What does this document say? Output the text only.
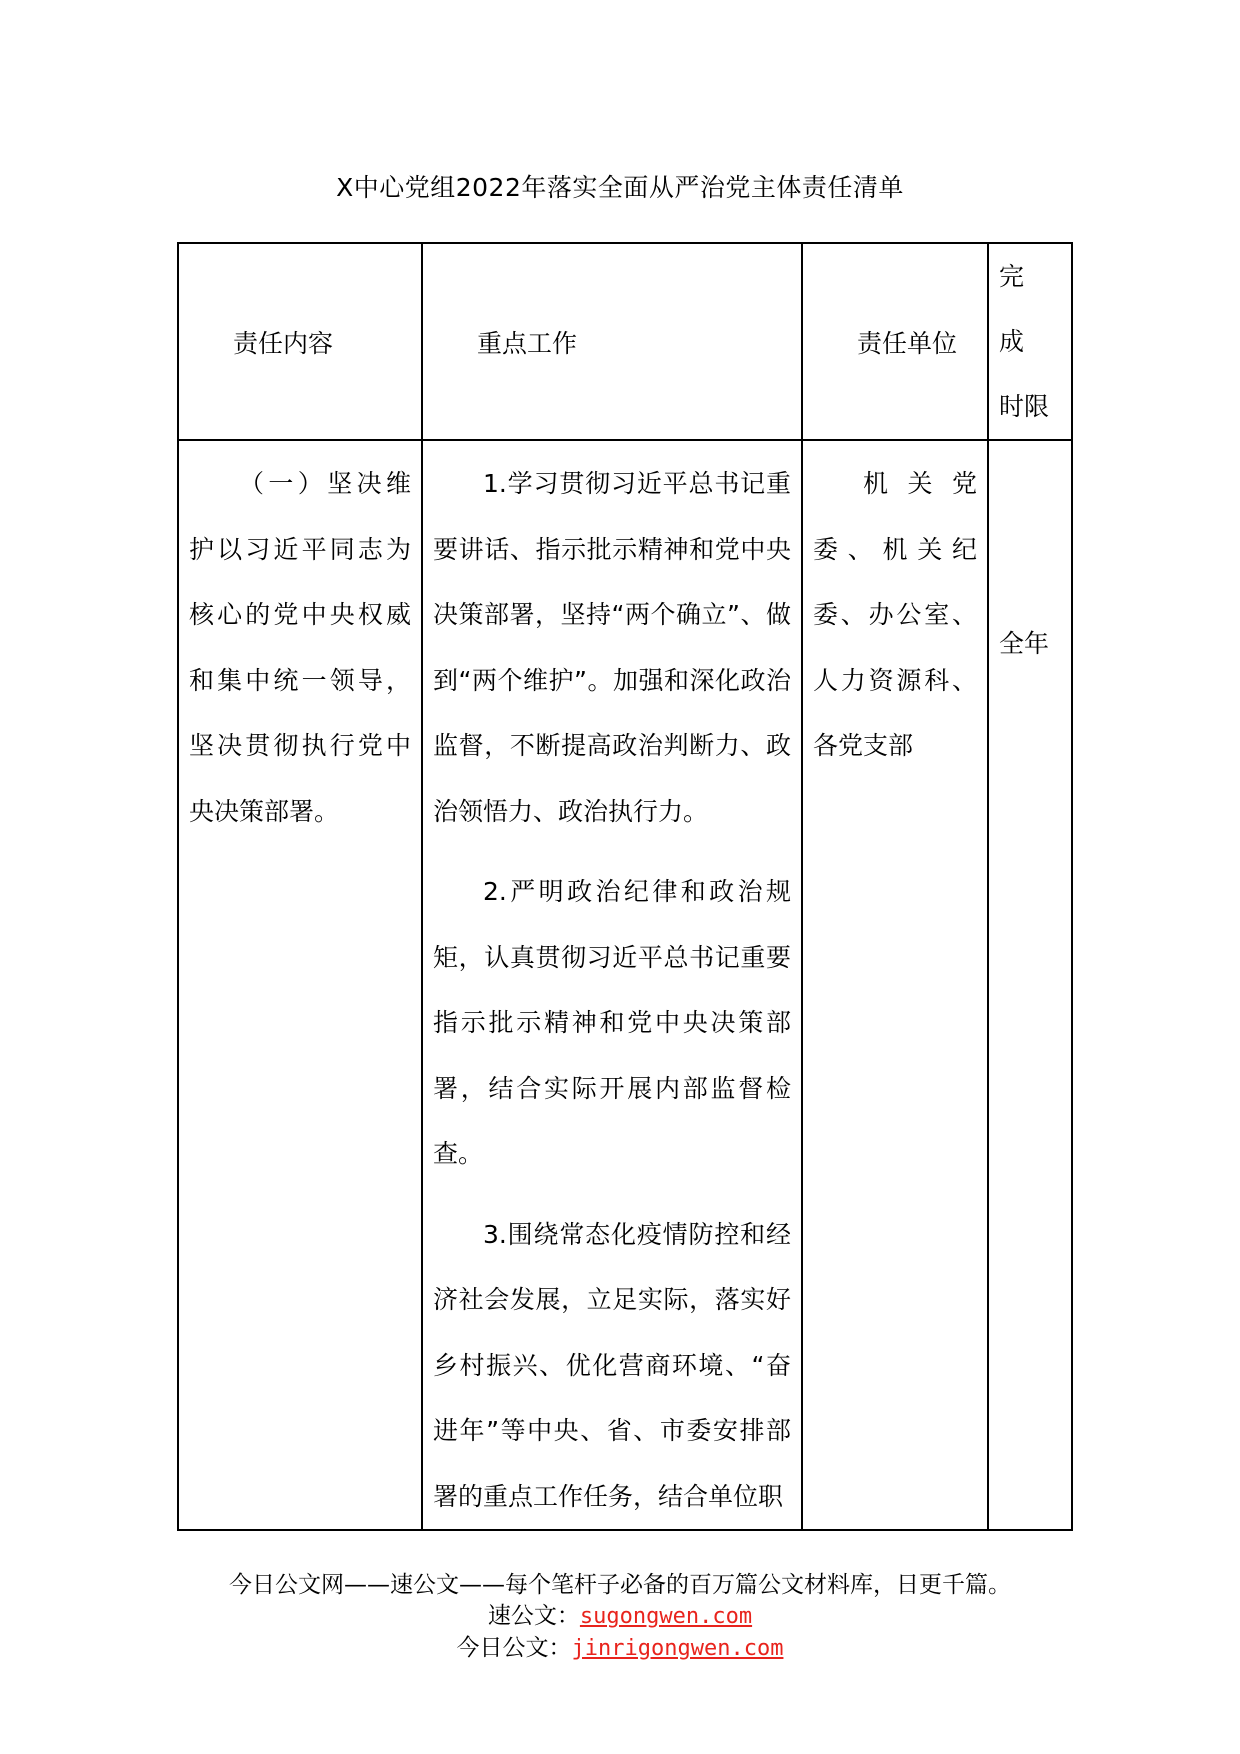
X中心党组2022年落实全面从严治党主体责任清单
责任内容	重点工作	责任单位	完成
时限

（一）坚决维护以习近平同志为核心的党中央权威和集中统一领导，坚决贯彻执行党中央决策部署。	1.学习贯彻习近平总书记重要讲话、指示批示精神和党中央决策部署，坚持“两个确立”、做到“两个维护”。加强和深化政治监督，不断提高政治判断力、政治领悟力、政治执行力。
2.严明政治纪律和政治规矩，认真贯彻习近平总书记重要指示批示精神和党中央决策部署，结合实际开展内部监督检查。
3.围绕常态化疫情防控和经济社会发展，立足实际，落实好乡村振兴、优化营商环境、“奋进年”等中央、省、市委安排部署的重点工作任务，结合单位职	机关党委、机关纪委、办公室、人力资源科、各党支部	全年
今日公文网——速公文——每个笔杆子必备的百万篇公文材料库，日更千篇。
速公文：sugongwen.com
今日公文：jinrigongwen.com
